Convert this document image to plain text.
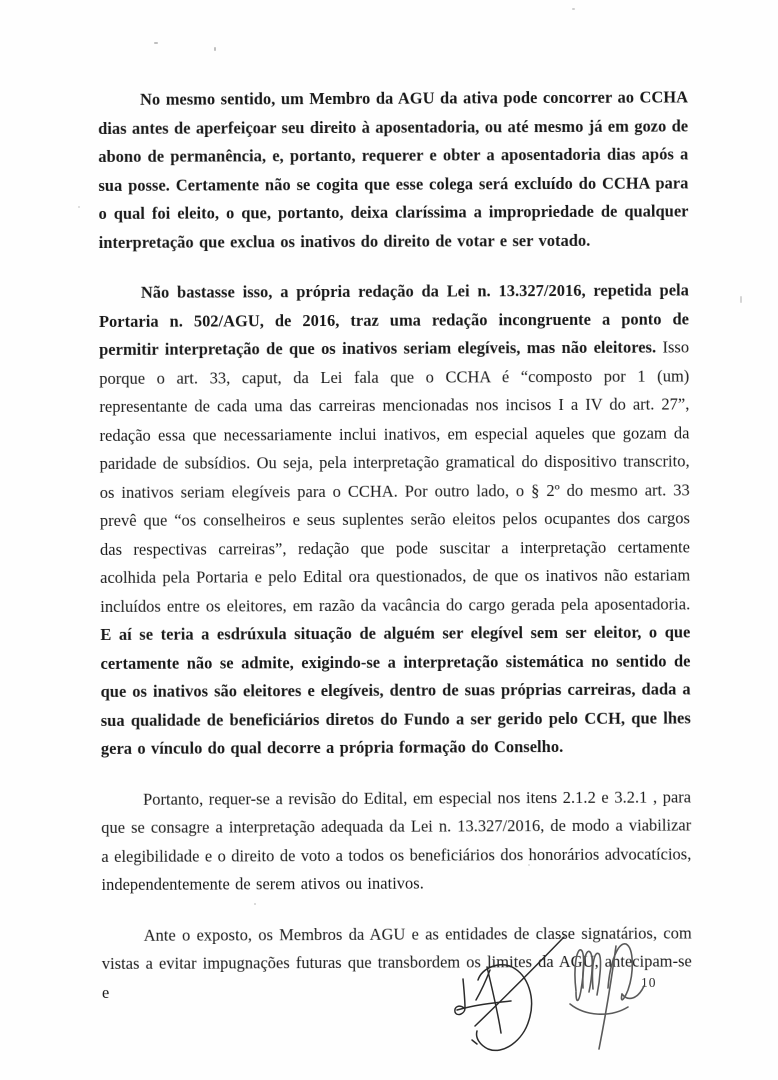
No mesmo sentido, um Membro da AGU da ativa pode concorrer ao CCHA dias antes de aperfeiçoar seu direito à aposentadoria, ou até mesmo já em gozo de abono de permanência, e, portanto, requerer e obter a aposentadoria dias após a sua posse. Certamente não se cogita que esse colega será excluído do CCHA para o qual foi eleito, o que, portanto, deixa claríssima a impropriedade de qualquer interpretação que exclua os inativos do direito de votar e ser votado.

Não bastasse isso, a própria redação da Lei n. 13.327/2016, repetida pela Portaria n. 502/AGU, de 2016, traz uma redação incongruente a ponto de permitir interpretação de que os inativos seriam elegíveis, mas não eleitores. Isso porque o art. 33, caput, da Lei fala que o CCHA é “composto por 1 (um) representante de cada uma das carreiras mencionadas nos incisos I a IV do art. 27”, redação essa que necessariamente inclui inativos, em especial aqueles que gozam da paridade de subsídios. Ou seja, pela interpretação gramatical do dispositivo transcrito, os inativos seriam elegíveis para o CCHA. Por outro lado, o § 2º do mesmo art. 33 prevê que “os conselheiros e seus suplentes serão eleitos pelos ocupantes dos cargos das respectivas carreiras”, redação que pode suscitar a interpretação certamente acolhida pela Portaria e pelo Edital ora questionados, de que os inativos não estariam incluídos entre os eleitores, em razão da vacância do cargo gerada pela aposentadoria. E aí se teria a esdrúxula situação de alguém ser elegível sem ser eleitor, o que certamente não se admite, exigindo-se a interpretação sistemática no sentido de que os inativos são eleitores e elegíveis, dentro de suas próprias carreiras, dada a sua qualidade de beneficiários diretos do Fundo a ser gerido pelo CCH, que lhes gera o vínculo do qual decorre a própria formação do Conselho.

Portanto, requer-se a revisão do Edital, em especial nos itens 2.1.2 e 3.2.1 , para que se consagre a interpretação adequada da Lei n. 13.327/2016, de modo a viabilizar a elegibilidade e o direito de voto a todos os beneficiários dos honorários advocatícios, independentemente de serem ativos ou inativos.

Ante o exposto, os Membros da AGU e as entidades de classe signatários, com vistas a evitar impugnações futuras que transbordem os limites da AGU, antecipam-se e	10
